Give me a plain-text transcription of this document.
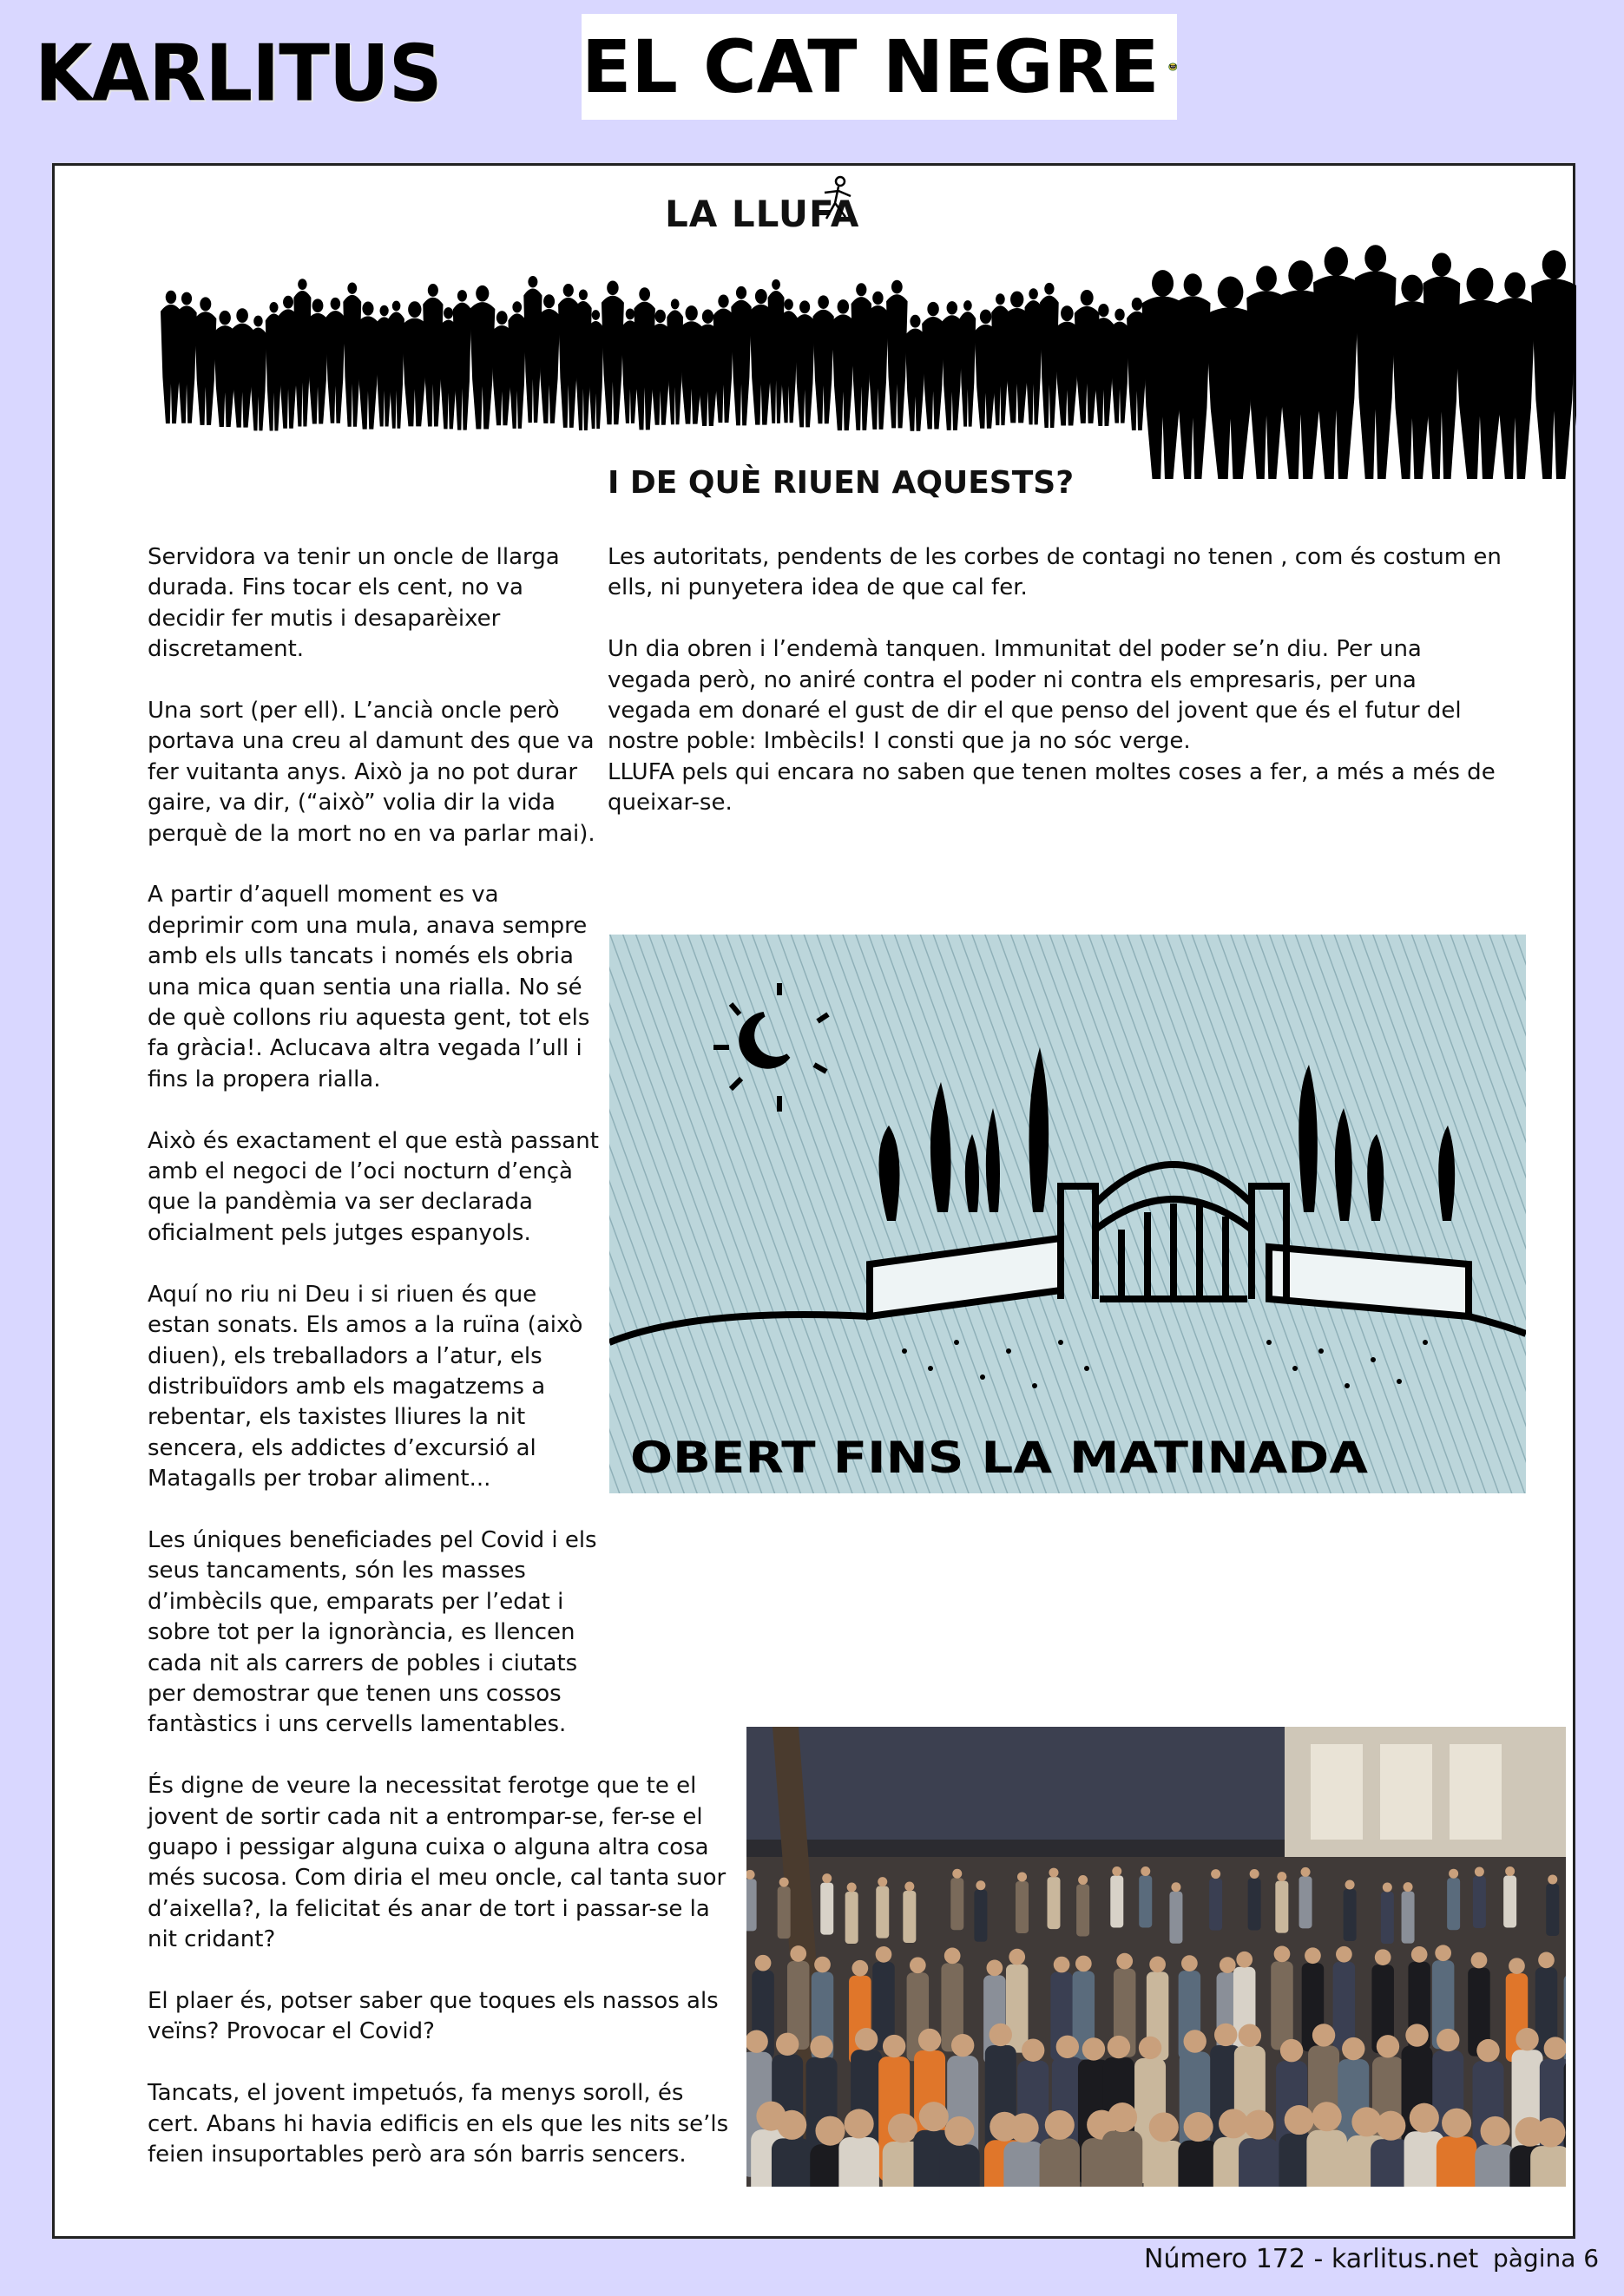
KARLITUS EL CAT NEGRE
LA LLUFA
I DE QUÈ RIUEN AQUESTS?

Servidora va tenir un oncle de llarga durada. Fins tocar els cent, no va decidir fer mutis i desaparèixer discretament.

Una sort (per ell). L’ancià oncle però portava una creu al damunt des que va fer vuitanta anys. Això ja no pot durar gaire, va dir, (“això” volia dir la vida perquè de la mort no en va parlar mai).

A partir d’aquell moment es va deprimir com una mula, anava sempre amb els ulls tancats i només els obria una mica quan sentia una rialla. No sé de què collons riu aquesta gent, tot els fa gràcia!. Aclucava altra vegada l’ull i fins la propera rialla.

Això és exactament el que està passant amb el negoci de l’oci nocturn d’ençà que la pandèmia va ser declarada oficialment pels jutges espanyols.

Aquí no riu ni Deu i si riuen és que estan sonats. Els amos a la ruïna (això diuen), els treballadors a l’atur, els distribuïdors amb els magatzems a rebentar, els taxistes lliures la nit sencera, els addictes d’excursió al Matagalls per trobar aliment...

Les úniques beneficiades pel Covid i els seus tancaments, són les masses d’imbècils que, emparats per l’edat i sobre tot per la ignorància, es llencen cada nit als carrers de pobles i ciutats per demostrar que tenen uns cossos fantàstics i uns cervells lamentables.

És digne de veure la necessitat ferotge que te el jovent de sortir cada nit a entrompar-se, fer-se el guapo i pessigar alguna cuixa o alguna altra cosa més sucosa. Com diria el meu oncle, cal tanta suor d’aixella?, la felicitat és anar de tort i passar-se la nit cridant?

El plaer és, potser saber que toques els nassos als veïns? Provocar el Covid?

Tancats, el jovent impetuós, fa menys soroll, és cert. Abans hi havia edificis en els que les nits se’ls feien insuportables però ara són barris sencers.

Les autoritats, pendents de les corbes de contagi no tenen , com és costum en ells, ni punyetera idea de que cal fer.

Un dia obren i l’endemà tanquen. Immunitat del poder se’n diu. Per una vegada però, no aniré contra el poder ni contra els empresaris, per una vegada em donaré el gust de dir el que penso del jovent que és el futur del nostre poble: Imbècils! I consti que ja no sóc verge.
LLUFA pels qui encara no saben que tenen moltes coses a fer, a més a més de queixar-se.

OBERT FINS LA MATINADA
Número 172 - karlitus.net pàgina 6
